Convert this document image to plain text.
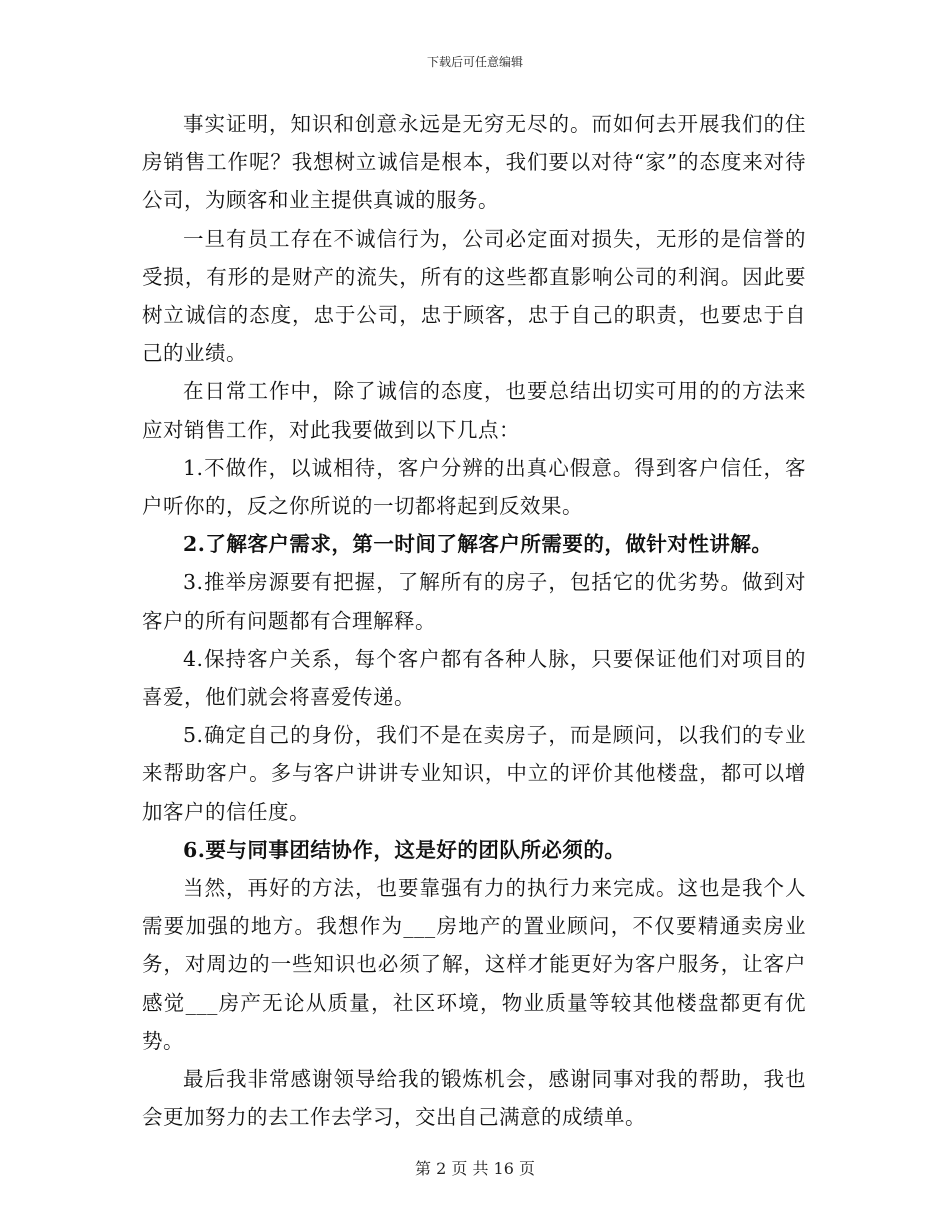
下载后可任意编辑

事实证明，知识和创意永远是无穷无尽的。而如何去开展我们的住房销售工作呢？我想树立诚信是根本，我们要以对待“家”的态度来对待公司，为顾客和业主提供真诚的服务。

一旦有员工存在不诚信行为，公司必定面对损失，无形的是信誉的受损，有形的是财产的流失，所有的这些都直影响公司的利润。因此要树立诚信的态度，忠于公司，忠于顾客，忠于自己的职责，也要忠于自己的业绩。

在日常工作中，除了诚信的态度，也要总结出切实可用的的方法来应对销售工作，对此我要做到以下几点：

1.不做作，以诚相待，客户分辨的出真心假意。得到客户信任，客户听你的，反之你所说的一切都将起到反效果。

2.了解客户需求，第一时间了解客户所需要的，做针对性讲解。

3.推举房源要有把握，了解所有的房子，包括它的优劣势。做到对客户的所有问题都有合理解释。

4.保持客户关系，每个客户都有各种人脉，只要保证他们对项目的喜爱，他们就会将喜爱传递。

5.确定自己的身份，我们不是在卖房子，而是顾问，以我们的专业来帮助客户。多与客户讲讲专业知识，中立的评价其他楼盘，都可以增加客户的信任度。

6.要与同事团结协作，这是好的团队所必须的。

当然，再好的方法，也要靠强有力的执行力来完成。这也是我个人需要加强的地方。我想作为___房地产的置业顾问，不仅要精通卖房业务，对周边的一些知识也必须了解，这样才能更好为客户服务，让客户感觉___房产无论从质量，社区环境，物业质量等较其他楼盘都更有优势。

最后我非常感谢领导给我的锻炼机会，感谢同事对我的帮助，我也会更加努力的去工作去学习，交出自己满意的成绩单。

第 2 页 共 16 页
